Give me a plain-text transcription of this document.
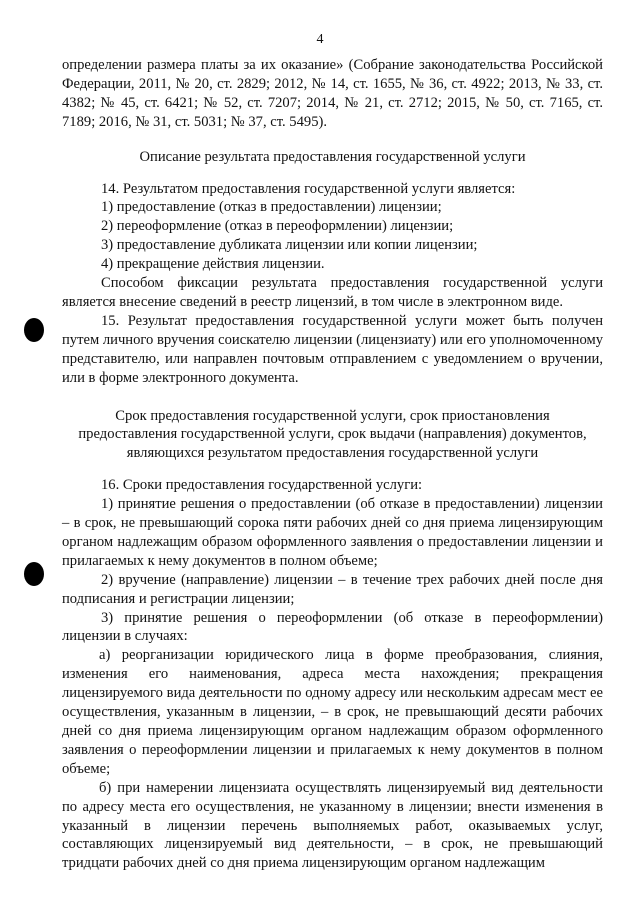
4

определении размера платы за их оказание» (Собрание законодательства Российской Федерации, 2011, № 20, ст. 2829; 2012, № 14, ст. 1655, № 36, ст. 4922; 2013, № 33, ст. 4382; № 45, ст. 6421; № 52, ст. 7207; 2014, № 21, ст. 2712; 2015, № 50, ст. 7165, ст. 7189; 2016, № 31, ст. 5031; № 37, ст. 5495).

Описание результата предоставления государственной услуги

14. Результатом предоставления государственной услуги является:

1) предоставление (отказ в предоставлении) лицензии;

2) переоформление (отказ в переоформлении) лицензии;

3) предоставление дубликата лицензии или копии лицензии;

4) прекращение действия лицензии.

Способом фиксации результата предоставления государственной услуги является внесение сведений в реестр лицензий, в том числе в электронном виде.

15. Результат предоставления государственной услуги может быть получен путем личного вручения соискателю лицензии (лицензиату) или его уполномоченному представителю, или направлен почтовым отправлением с уведомлением о вручении, или в форме электронного документа.

Срок предоставления государственной услуги, срок приостановления

предоставления государственной услуги, срок выдачи (направления) документов,

являющихся результатом предоставления государственной услуги

16. Сроки предоставления государственной услуги:

1) принятие решения о предоставлении (об отказе в предоставлении) лицензии – в срок, не превышающий сорока пяти рабочих дней со дня приема лицензирующим органом надлежащим образом оформленного заявления о предоставлении лицензии и прилагаемых к нему документов в полном объеме;

2) вручение (направление) лицензии – в течение трех рабочих дней после дня подписания и регистрации лицензии;

3) принятие решения о переоформлении (об отказе в переоформлении) лицензии в случаях:

а) реорганизации юридического лица в форме преобразования, слияния, изменения его наименования, адреса места нахождения; прекращения лицензируемого вида деятельности по одному адресу или нескольким адресам мест ее осуществления, указанным в лицензии, – в срок, не превышающий десяти рабочих дней со дня приема лицензирующим органом надлежащим образом оформленного заявления о переоформлении лицензии и прилагаемых к нему документов в полном объеме;

б) при намерении лицензиата осуществлять лицензируемый вид деятельности по адресу места его осуществления, не указанному в лицензии; внести изменения в указанный в лицензии перечень выполняемых работ, оказываемых услуг, составляющих лицензируемый вид деятельности, – в срок, не превышающий тридцати рабочих дней со дня приема лицензирующим органом надлежащим
